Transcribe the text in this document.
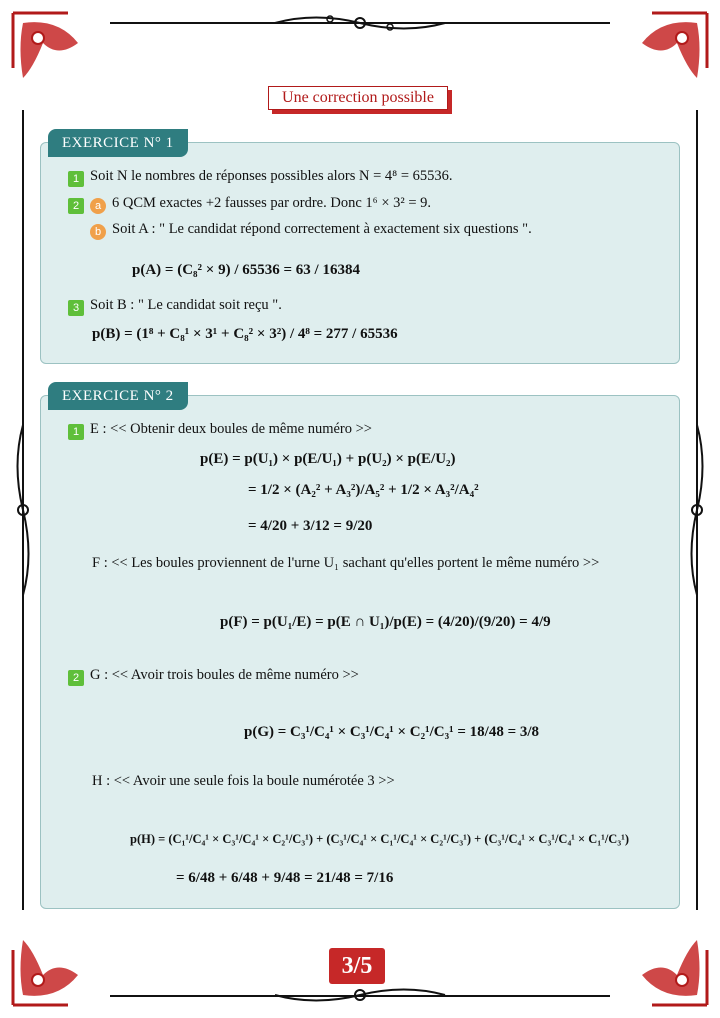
Une correction possible
EXERCICE N° 1
1 Soit N le nombres de réponses possibles alors N = 4⁸ = 65536.
2 a 6 QCM exactes +2 fausses par ordre. Donc 1⁶ × 3² = 9.
b Soit A : " Le candidat répond correctement à exactement six questions ".
p(A) = (C₈² × 9) / 65536 = 63 / 16384
3 Soit B : " Le candidat soit reçu ".
p(B) = (1⁸ + C₈¹ × 3¹ + C₈² × 3²) / 4⁸ = 277 / 65536
EXERCICE N° 2
1 E : << Obtenir deux boules de même numéro >>
p(E) = p(U₁) × p(E/U₁) + p(U₂) × p(E/U₂)
= 1/2 × (A₂² + A₃²)/A₅² + 1/2 × A₃²/A₄²
= 4/20 + 3/12 = 9/20
F : << Les boules proviennent de l'urne U₁ sachant qu'elles portent le même numéro >>
p(F) = p(U₁/E) = p(E ∩ U₁)/p(E) = (4/20)/(9/20) = 4/9
2 G : << Avoir trois boules de même numéro >>
p(G) = C₃¹/C₄¹ × C₃¹/C₄¹ × C₂¹/C₃¹ = 18/48 = 3/8
H : << Avoir une seule fois la boule numérotée 3 >>
p(H) = (C₁¹/C₄¹ × C₃¹/C₄¹ × C₂¹/C₃¹) + (C₃¹/C₄¹ × C₁¹/C₄¹ × C₂¹/C₃¹) + (C₃¹/C₄¹ × C₃¹/C₄¹ × C₁¹/C₃¹)
= 6/48 + 6/48 + 9/48 = 21/48 = 7/16
3/5
